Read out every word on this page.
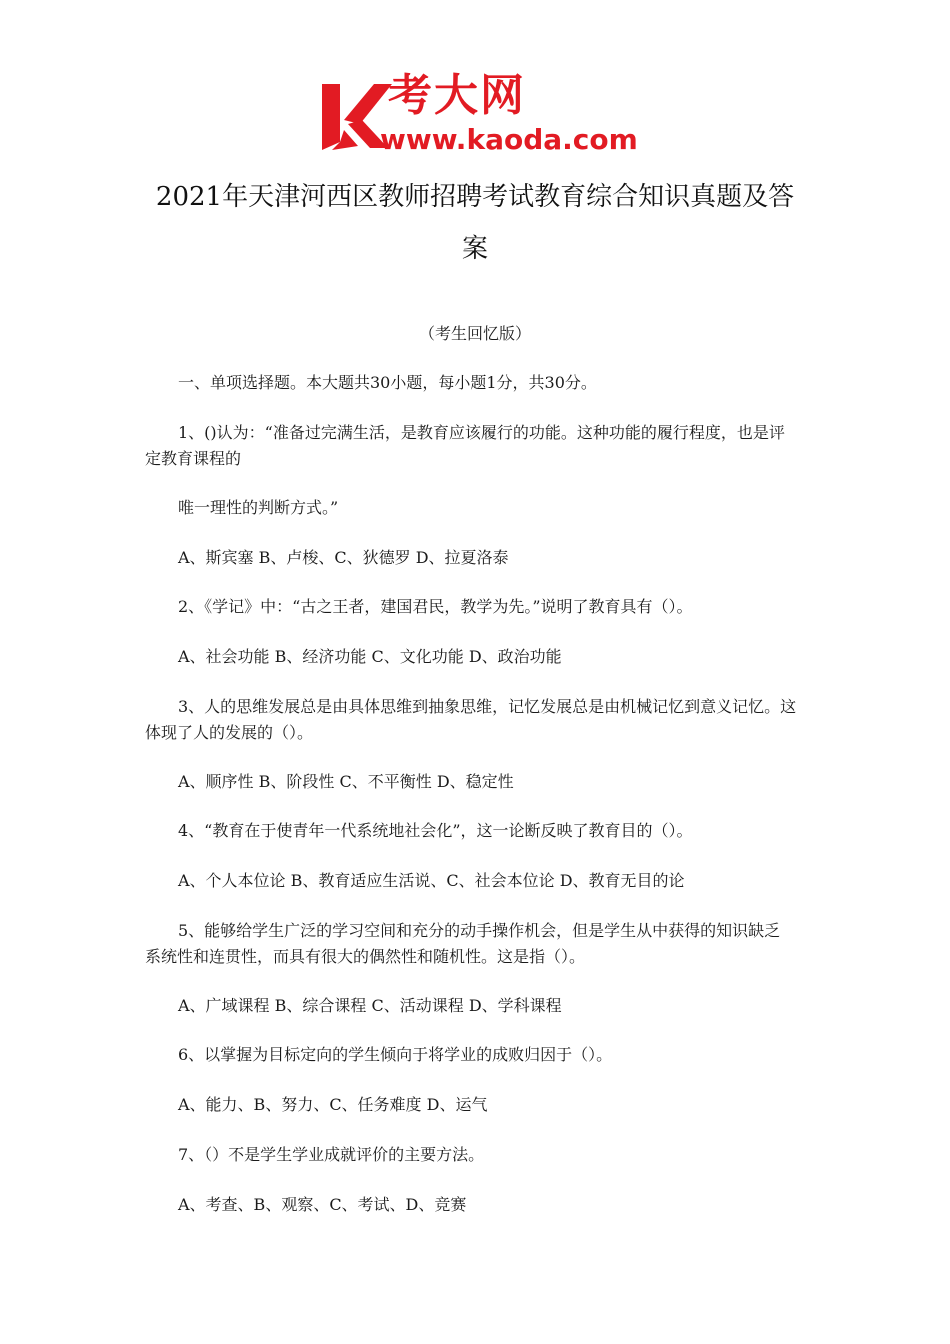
考大网
www.kaoda.com
2021年天津河西区教师招聘考试教育综合知识真题及答
案
（考生回忆版）
一、单项选择题。本大题共30小题，每小题1分，共30分。
1、()认为：“准备过完满生活，是教育应该履行的功能。这种功能的履行程度，也是评
定教育课程的
唯一理性的判断方式。”
A、斯宾塞 B、卢梭、C、狄德罗 D、拉夏洛泰
2、《学记》中：“古之王者，建国君民，教学为先。”说明了教育具有（）。
A、社会功能 B、经济功能 C、文化功能 D、政治功能
3、人的思维发展总是由具体思维到抽象思维，记忆发展总是由机械记忆到意义记忆。这
体现了人的发展的（）。
A、顺序性 B、阶段性 C、不平衡性 D、稳定性
4、“教育在于使青年一代系统地社会化”，这一论断反映了教育目的（）。
A、个人本位论 B、教育适应生活说、C、社会本位论 D、教育无目的论
5、能够给学生广泛的学习空间和充分的动手操作机会，但是学生从中获得的知识缺乏
系统性和连贯性，而具有很大的偶然性和随机性。这是指（）。
A、广域课程 B、综合课程 C、活动课程 D、学科课程
6、以掌握为目标定向的学生倾向于将学业的成败归因于（）。
A、能力、B、努力、C、任务难度 D、运气
7、（）不是学生学业成就评价的主要方法。
A、考查、B、观察、C、考试、D、竞赛
